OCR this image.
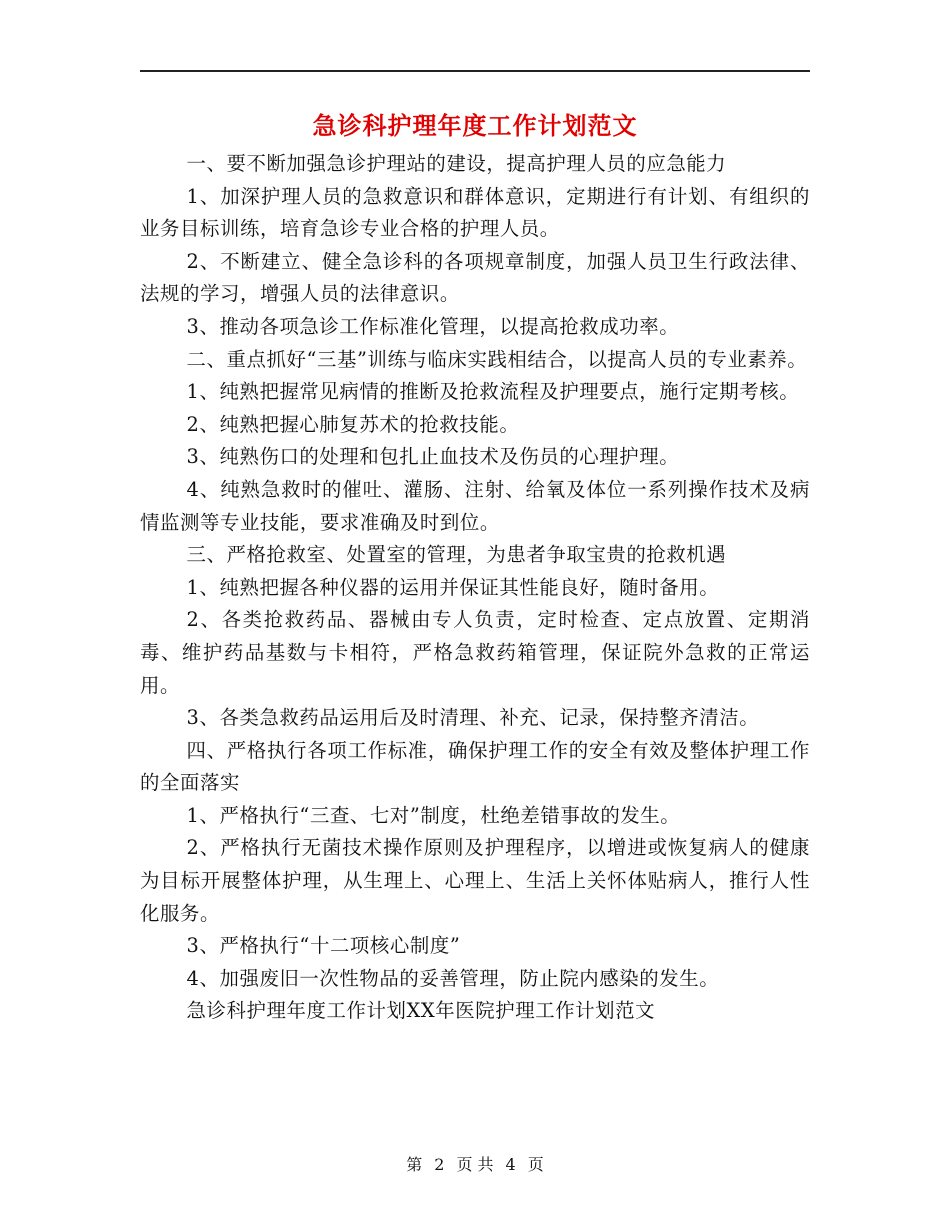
急诊科护理年度工作计划范文

一、要不断加强急诊护理站的建设，提高护理人员的应急能力

1、加深护理人员的急救意识和群体意识，定期进行有计划、有组织的业务目标训练，培育急诊专业合格的护理人员。

2、不断建立、健全急诊科的各项规章制度，加强人员卫生行政法律、法规的学习，增强人员的法律意识。

3、推动各项急诊工作标准化管理，以提高抢救成功率。

二、重点抓好“三基”训练与临床实践相结合，以提高人员的专业素养。

1、纯熟把握常见病情的推断及抢救流程及护理要点，施行定期考核。

2、纯熟把握心肺复苏术的抢救技能。

3、纯熟伤口的处理和包扎止血技术及伤员的心理护理。

4、纯熟急救时的催吐、灌肠、注射、给氧及体位一系列操作技术及病情监测等专业技能，要求准确及时到位。

三、严格抢救室、处置室的管理，为患者争取宝贵的抢救机遇

1、纯熟把握各种仪器的运用并保证其性能良好，随时备用。

2、各类抢救药品、器械由专人负责，定时检查、定点放置、定期消毒、维护药品基数与卡相符，严格急救药箱管理，保证院外急救的正常运用。

3、各类急救药品运用后及时清理、补充、记录，保持整齐清洁。

四、严格执行各项工作标准，确保护理工作的安全有效及整体护理工作的全面落实

1、严格执行“三查、七对”制度，杜绝差错事故的发生。

2、严格执行无菌技术操作原则及护理程序，以增进或恢复病人的健康为目标开展整体护理，从生理上、心理上、生活上关怀体贴病人，推行人性化服务。

3、严格执行“十二项核心制度”

4、加强废旧一次性物品的妥善管理，防止院内感染的发生。

急诊科护理年度工作计划XX年医院护理工作计划范文

第 2 页 共 4 页
